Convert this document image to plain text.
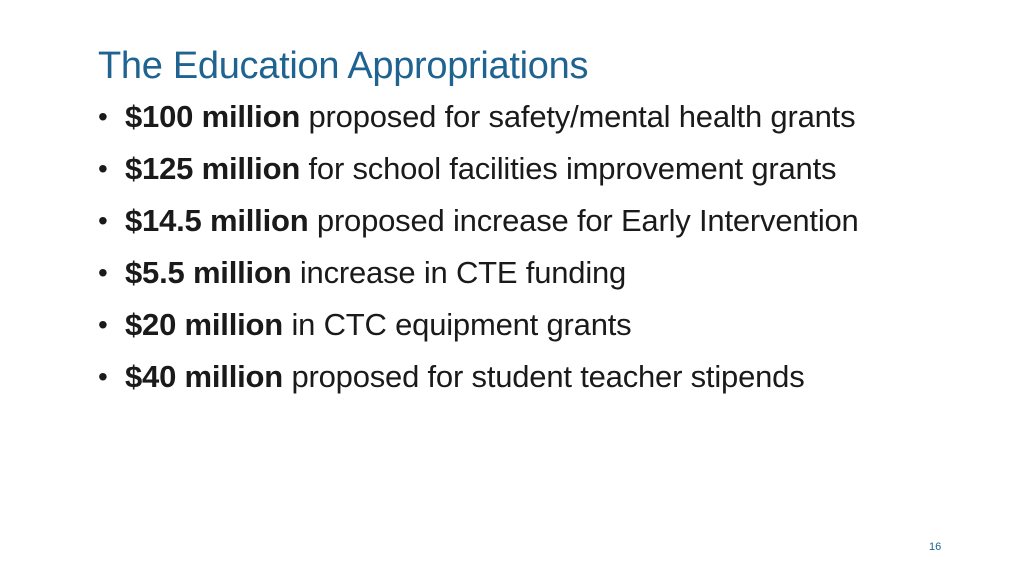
The Education Appropriations
• $100 million proposed for safety/mental health grants
• $125 million for school facilities improvement grants
• $14.5 million proposed increase for Early Intervention
• $5.5 million increase in CTE funding
• $20 million in CTC equipment grants
• $40 million proposed for student teacher stipends
16
